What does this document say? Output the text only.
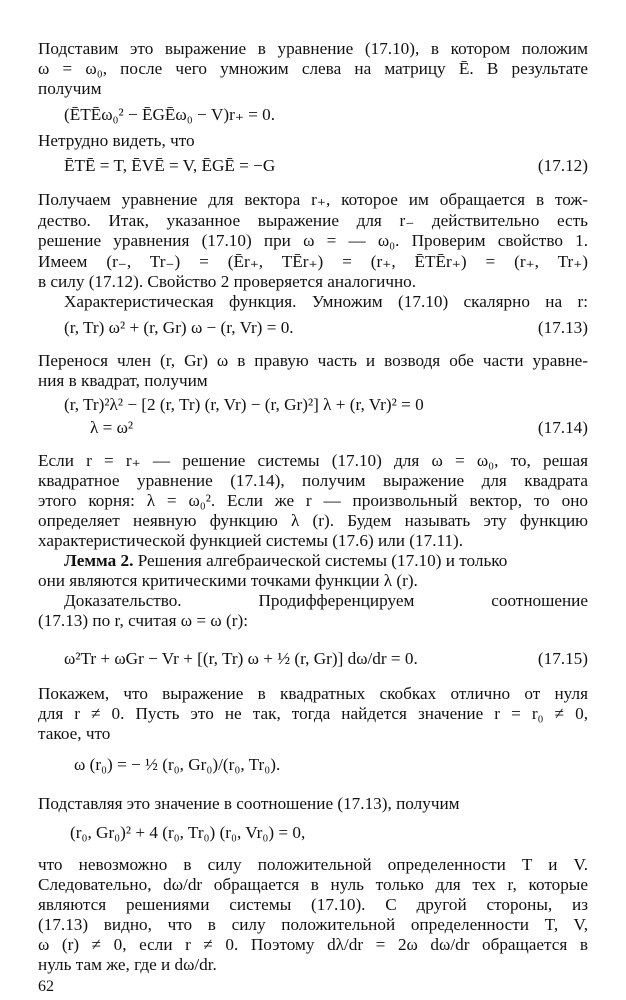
Подставим это выражение в уравнение (17.10), в котором положим
ω = ω₀, после чего умножим слева на матрицу Ē. В результате
получим
(ĒTĒω₀² − ĒGĒω₀ − V)r₊ = 0.
Нетрудно видеть, что
ĒTĒ = T, ĒVĒ = V, ĒGĒ = −G	(17.12)
Получаем уравнение для вектора r₊, которое им обращается в тож-
дество. Итак, указанное выражение для r₋ действительно есть
решение уравнения (17.10) при ω = — ω₀. Проверим свойство 1.
Имеем (r₋, Tr₋) = (Ēr₊, TĒr₊) = (r₊, ĒTĒr₊) = (r₊, Tr₊)
в силу (17.12). Свойство 2 проверяется аналогично.
Характеристическая функция. Умножим (17.10) скалярно на r:
(r, Tr) ω² + (r, Gr) ω − (r, Vr) = 0.	(17.13)
Перенося член (r, Gr) ω в правую часть и возводя обе части уравне-
ния в квадрат, получим
(r, Tr)²λ² − [2 (r, Tr) (r, Vr) − (r, Gr)²] λ + (r, Vr)² = 0
λ = ω²	(17.14)
Если r = r₊ — решение системы (17.10) для ω = ω₀, то, решая
квадратное уравнение (17.14), получим выражение для квадрата
этого корня: λ = ω₀². Если же r — произвольный вектор, то оно
определяет неявную функцию λ (r). Будем называть эту функцию
характеристической функцией системы (17.6) или (17.11).
Лемма 2. Решения алгебраической системы (17.10) и только
они являются критическими точками функции λ (r).
Доказательство. Продифференцируем соотношение
(17.13) по r, считая ω = ω (r):
ω²Tr + ωGr − Vr + [(r, Tr) ω + ½ (r, Gr)] dω/dr = 0.	(17.15)
Покажем, что выражение в квадратных скобках отлично от нуля
для r ≠ 0. Пусть это не так, тогда найдется значение r = r₀ ≠ 0,
такое, что
ω (r₀) = − ½ (r₀, Gr₀)/(r₀, Tr₀).
Подставляя это значение в соотношение (17.13), получим
(r₀, Gr₀)² + 4 (r₀, Tr₀) (r₀, Vr₀) = 0,
что невозможно в силу положительной определенности T и V.
Следовательно, dω/dr обращается в нуль только для тех r, которые
являются решениями системы (17.10). С другой стороны, из
(17.13) видно, что в силу положительной определенности T, V,
ω (r) ≠ 0, если r ≠ 0. Поэтому dλ/dr = 2ω dω/dr обращается в
нуль там же, где и dω/dr.
62
